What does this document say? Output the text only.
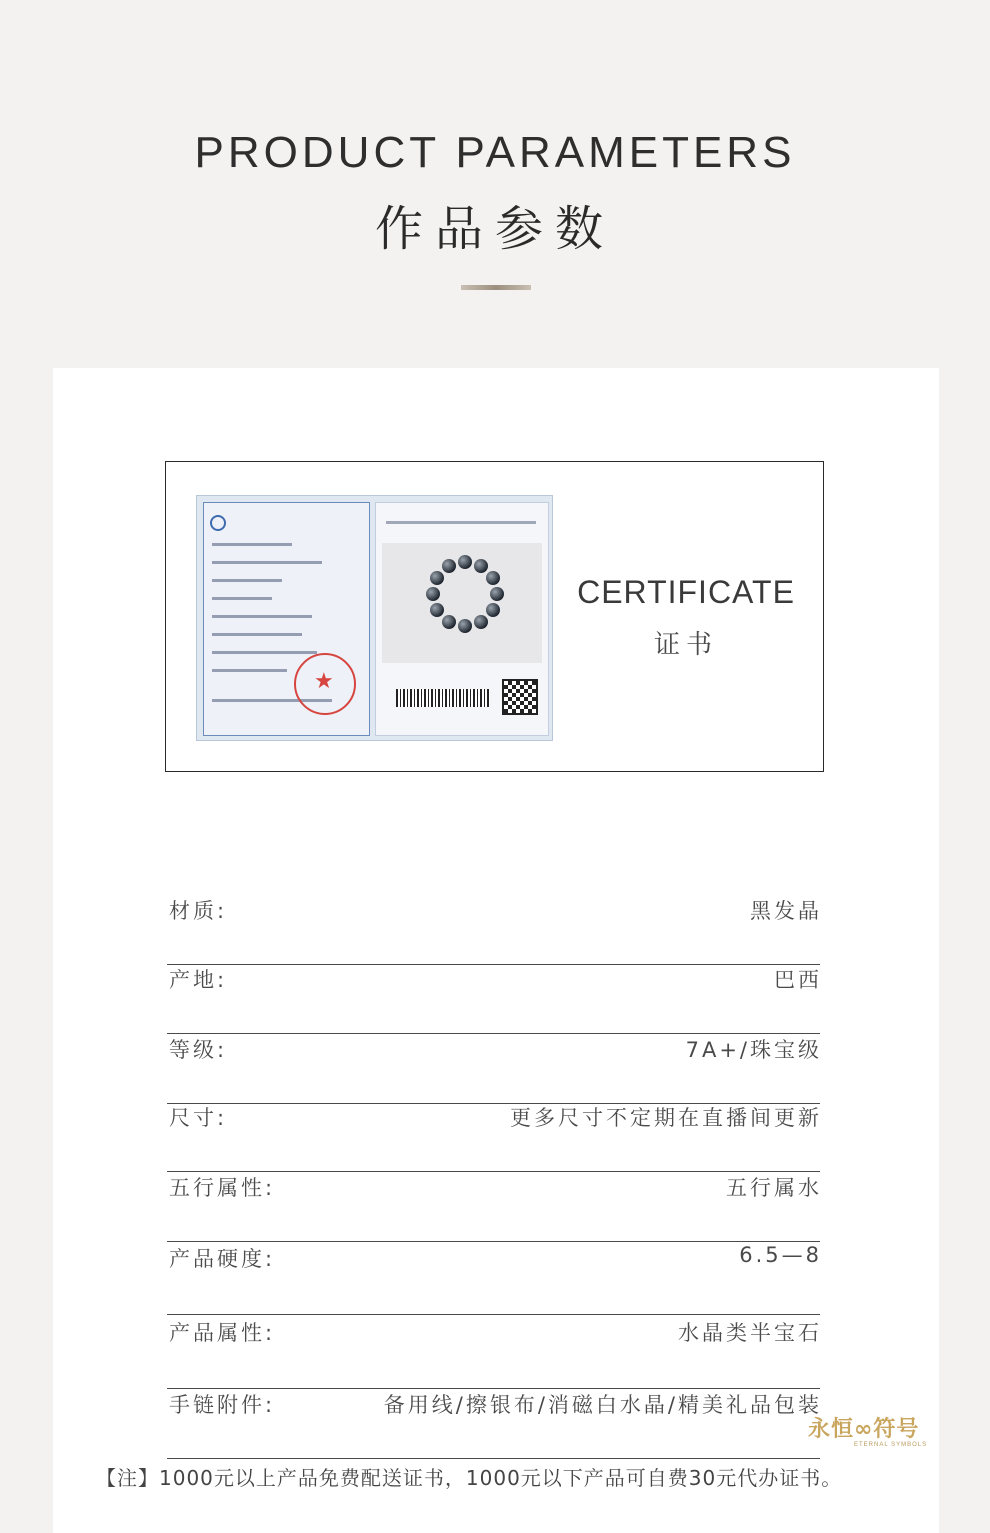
PRODUCT PARAMETERS
作品参数
★
CERTIFICATE
证书
材质:	黑发晶
产地:	巴西
等级:	7A+/珠宝级
尺寸:	更多尺寸不定期在直播间更新
五行属性:	五行属水
产品硬度:	6.5—8
产品属性:	水晶类半宝石
手链附件:	备用线/擦银布/消磁白水晶/精美礼品包装
【注】1000元以上产品免费配送证书，1000元以下产品可自费30元代办证书。
永恒∞符号
ETERNAL SYMBOLS
